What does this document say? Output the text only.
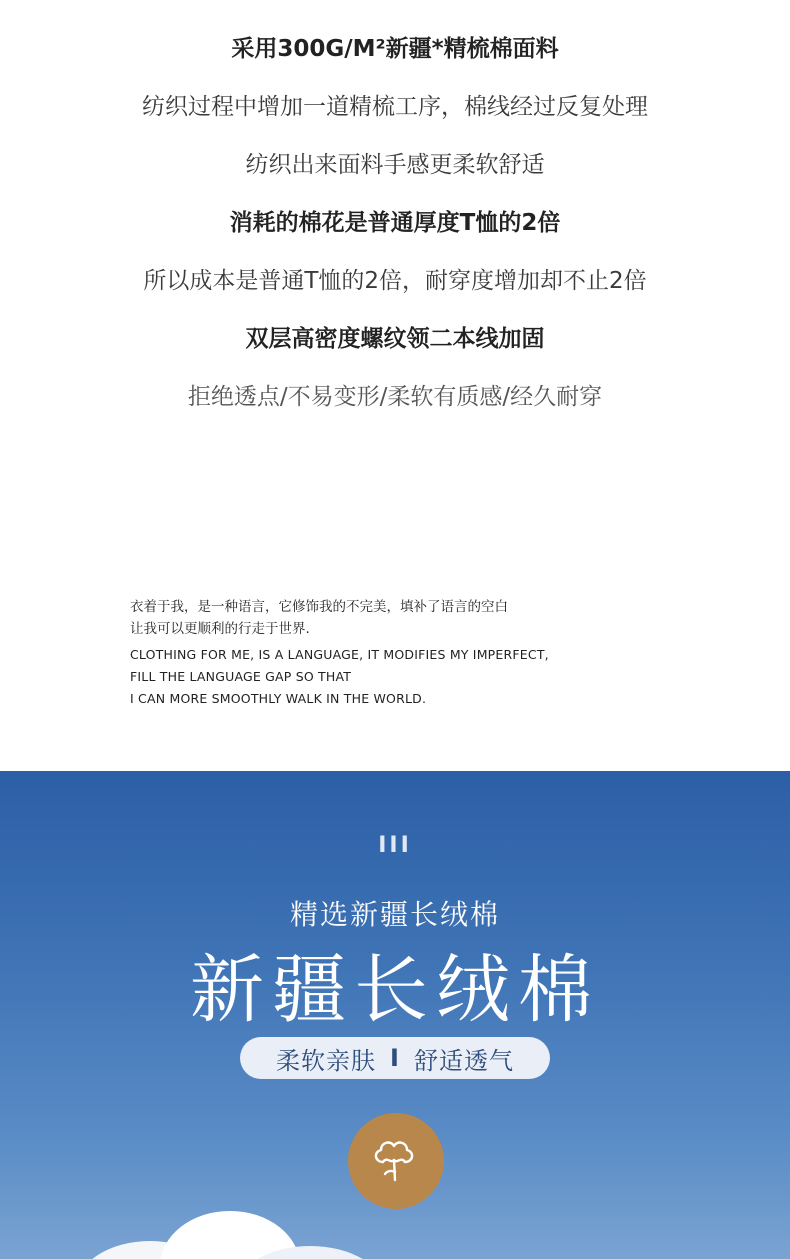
采用300G/M²新疆*精梳棉面料
纺织过程中增加一道精梳工序，棉线经过反复处理
纺织出来面料手感更柔软舒适
消耗的棉花是普通厚度T恤的2倍
所以成本是普通T恤的2倍，耐穿度增加却不止2倍
双层高密度螺纹领二本线加固
拒绝透点/不易变形/柔软有质感/经久耐穿
衣着于我，是一种语言，它修饰我的不完美，填补了语言的空白
让我可以更顺利的行走于世界.
CLOTHING FOR ME, IS A LANGUAGE, IT MODIFIES MY IMPERFECT,
FILL THE LANGUAGE GAP SO THAT
I CAN MORE SMOOTHLY WALK IN THE WORLD.
III
精选新疆长绒棉
新疆长绒棉
柔软亲肤 I 舒适透气
